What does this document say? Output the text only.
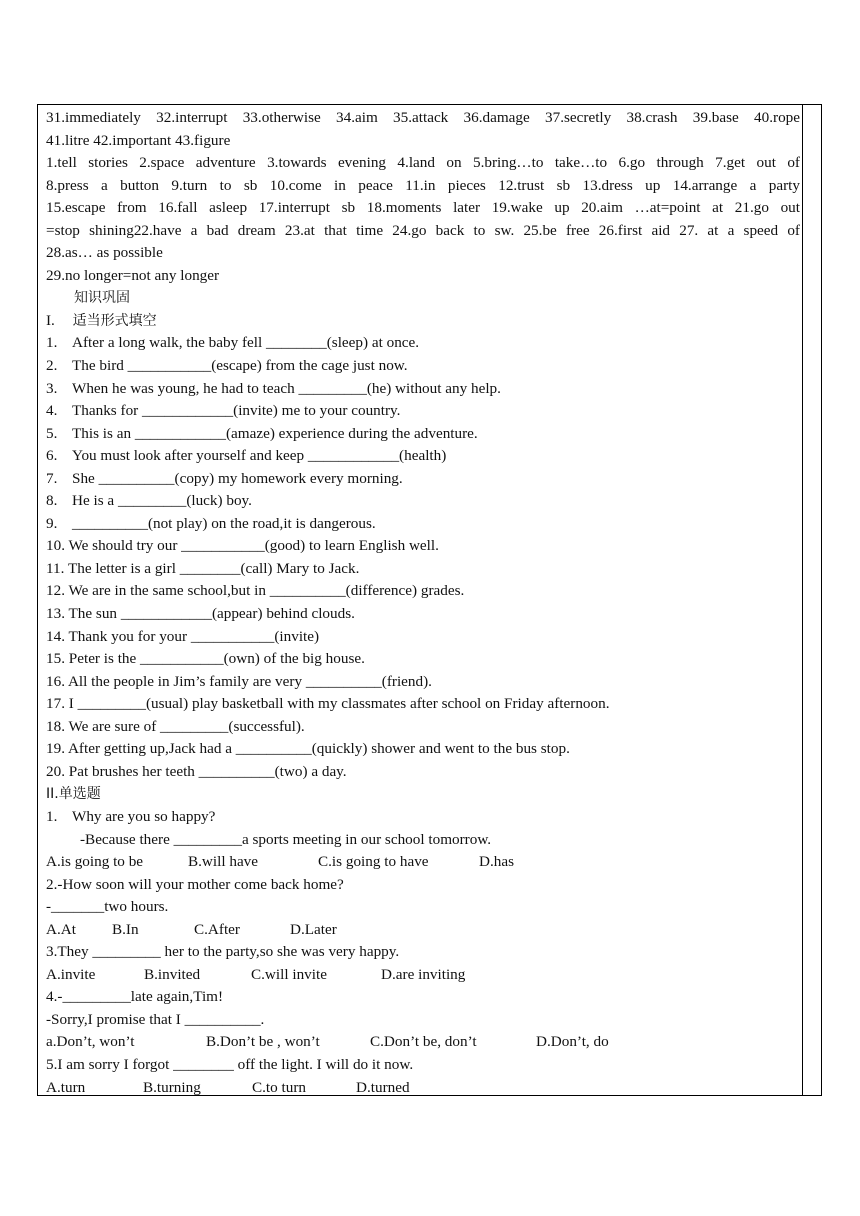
31.immediately 32.interrupt 33.otherwise 34.aim 35.attack 36.damage 37.secretly 38.crash 39.base 40.rope
41.litre 42.important 43.figure
1.tell stories 2.space adventure 3.towards evening 4.land on 5.bring…to take…to 6.go through 7.get out of
8.press a button 9.turn to sb 10.come in peace 11.in pieces 12.trust sb 13.dress up 14.arrange a party
15.escape from 16.fall asleep 17.interrupt sb 18.moments later 19.wake up 20.aim …at=point at 21.go out
=stop shining22.have a bad dream 23.at that time 24.go back to sw. 25.be free 26.first aid 27. at a speed of
28.as… as possible
29.no longer=not any longer
知识巩固
I. 适当形式填空
1. After a long walk, the baby fell ________(sleep) at once.
2. The bird ___________(escape) from the cage just now.
3. When he was young, he had to teach _________(he) without any help.
4. Thanks for ____________(invite) me to your country.
5. This is an ____________(amaze) experience during the adventure.
6. You must look after yourself and keep ____________(health)
7. She __________(copy) my homework every morning.
8. He is a _________(luck) boy.
9. __________(not play) on the road,it is dangerous.
10. We should try our ___________(good) to learn English well.
11. The letter is a girl ________(call) Mary to Jack.
12. We are in the same school,but in __________(difference) grades.
13. The sun ____________(appear) behind clouds.
14. Thank you for your ___________(invite)
15. Peter is the ___________(own) of the big house.
16. All the people in Jim’s family are very __________(friend).
17. I _________(usual) play basketball with my classmates after school on Friday afternoon.
18. We are sure of _________(successful).
19. After getting up,Jack had a __________(quickly) shower and went to the bus stop.
20. Pat brushes her teeth __________(two) a day.
II.单选题
1. Why are you so happy?
-Because there _________a sports meeting in our school tomorrow.
A.is going to be	B.will have	C.is going to have	D.has
2.-How soon will your mother come back home?
-_______two hours.
A.At B.In	C.After	D.Later
3.They _________ her to the party,so she was very happy.
A.invite	B.invited	C.will invite	D.are inviting
4.-_________late again,Tim!
-Sorry,I promise that I __________.
a.Don’t, won’t	B.Don’t be , won’t	C.Don’t be, don’t	D.Don’t, do
5.I am sorry I forgot ________ off the light. I will do it now.
A.turn	B.turning	C.to turn	D.turned
